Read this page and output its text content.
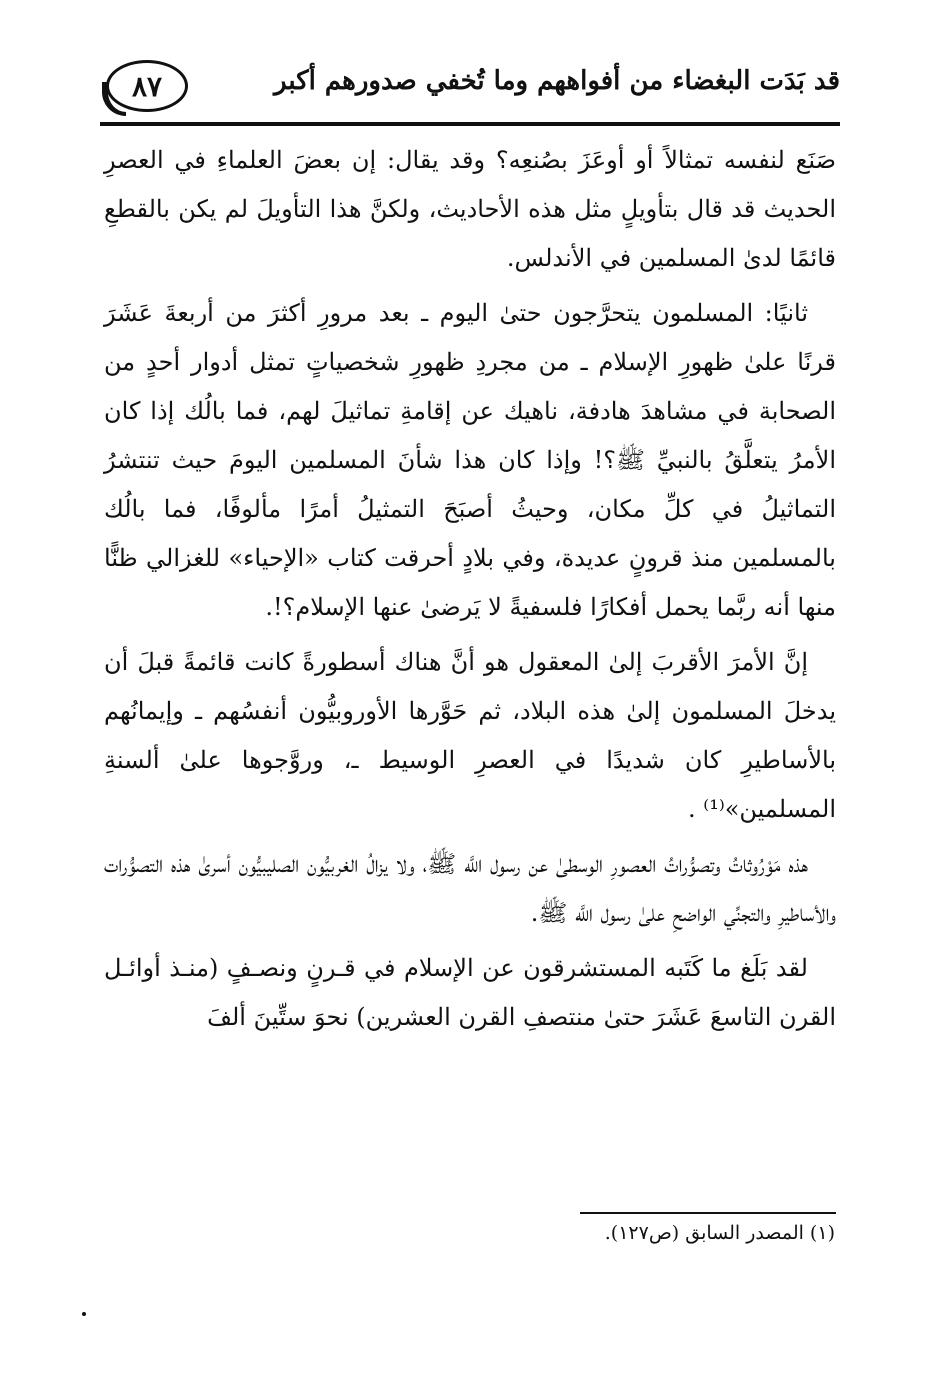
٨٧	قد بَدَت البغضاء من أفواههم وما تُخفي صدورهم أكبر

صَنَع لنفسه تمثالاً أو أوعَزَ بصُنعِه؟ وقد يقال: إن بعضَ العلماءِ في العصرِ الحديث قد قال بتأويلٍ مثل هذه الأحاديث، ولكنَّ هذا التأويلَ لم يكن بالقطعِ قائمًا لدىٰ المسلمين في الأندلس.

ثانيًا: المسلمون يتحرَّجون حتىٰ اليوم ـ بعد مرورِ أكثرَ من أربعةَ عَشَرَ قرنًا علىٰ ظهورِ الإسلام ـ من مجردِ ظهورِ شخصياتٍ تمثل أدوار أحدٍ من الصحابة في مشاهدَ هادفة، ناهيك عن إقامةِ تماثيلَ لهم، فما بالُك إذا كان الأمرُ يتعلَّقُ بالنبيِّ ﷺ؟! وإذا كان هذا شأنَ المسلمين اليومَ حيث تنتشرُ التماثيلُ في كلِّ مكان، وحيثُ أصبَحَ التمثيلُ أمرًا مألوفًا، فما بالُك بالمسلمين منذ قرونٍ عديدة، وفي بلادٍ أحرقت كتاب «الإحياء» للغزالي ظنًّا منها أنه ربَّما يحمل أفكارًا فلسفيةً لا يَرضىٰ عنها الإسلام؟!.

إنَّ الأمرَ الأقربَ إلىٰ المعقول هو أنَّ هناك أسطورةً كانت قائمةً قبلَ أن يدخلَ المسلمون إلىٰ هذه البلاد، ثم حَوَّرها الأوروبيُّون أنفسُهم ـ وإيمانُهم بالأساطيرِ كان شديدًا في العصرِ الوسيط ـ، وروَّجوها علىٰ ألسنةِ المسلمين»⁽¹⁾ .

هذه مَوْرُوثاتُ وتصوُّراتُ العصورِ الوسطىٰ عن رسول اللَّه ﷺ، ولا يزالُ الغربيُّون الصليبيُّون أسرىٰ هذه التصوُّرات والأساطيرِ والتجنِّي الواضحِ علىٰ رسول اللَّه ﷺ.

لقد بَلَغ ما كَتَبه المستشرقون عن الإسلام في قـرنٍ ونصـفٍ (منـذ أوائـل القرن التاسعَ عَشَرَ حتىٰ منتصفِ القرن العشرين) نحوَ ستِّينَ ألفَ

(١) المصدر السابق (ص١٢٧).
